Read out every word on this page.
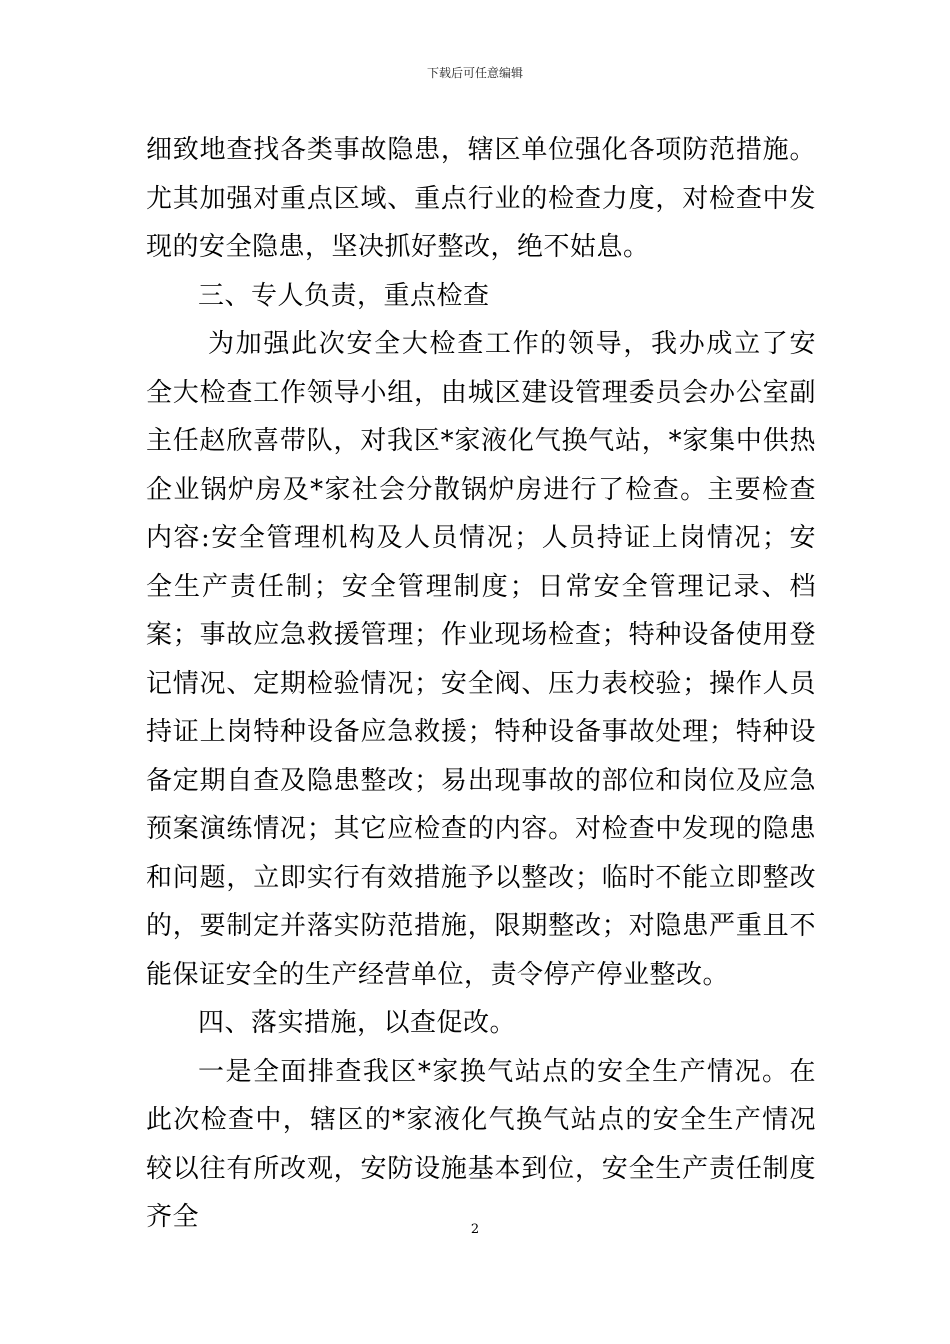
下载后可任意编辑

细致地查找各类事故隐患，辖区单位强化各项防范措施。尤其加强对重点区域、重点行业的检查力度，对检查中发现的安全隐患，坚决抓好整改，绝不姑息。

三、专人负责，重点检查

为加强此次安全大检查工作的领导，我办成立了安全大检查工作领导小组，由城区建设管理委员会办公室副主任赵欣喜带队，对我区*家液化气换气站，*家集中供热企业锅炉房及*家社会分散锅炉房进行了检查。主要检查内容:安全管理机构及人员情况；人员持证上岗情况；安全生产责任制；安全管理制度；日常安全管理记录、档案；事故应急救援管理；作业现场检查；特种设备使用登记情况、定期检验情况；安全阀、压力表校验；操作人员持证上岗特种设备应急救援；特种设备事故处理；特种设备定期自查及隐患整改；易出现事故的部位和岗位及应急预案演练情况；其它应检查的内容。对检查中发现的隐患和问题，立即实行有效措施予以整改；临时不能立即整改的，要制定并落实防范措施，限期整改；对隐患严重且不能保证安全的生产经营单位，责令停产停业整改。

四、落实措施，以查促改。

一是全面排查我区*家换气站点的安全生产情况。在此次检查中，辖区的*家液化气换气站点的安全生产情况较以往有所改观，安防设施基本到位，安全生产责任制度齐全	2
